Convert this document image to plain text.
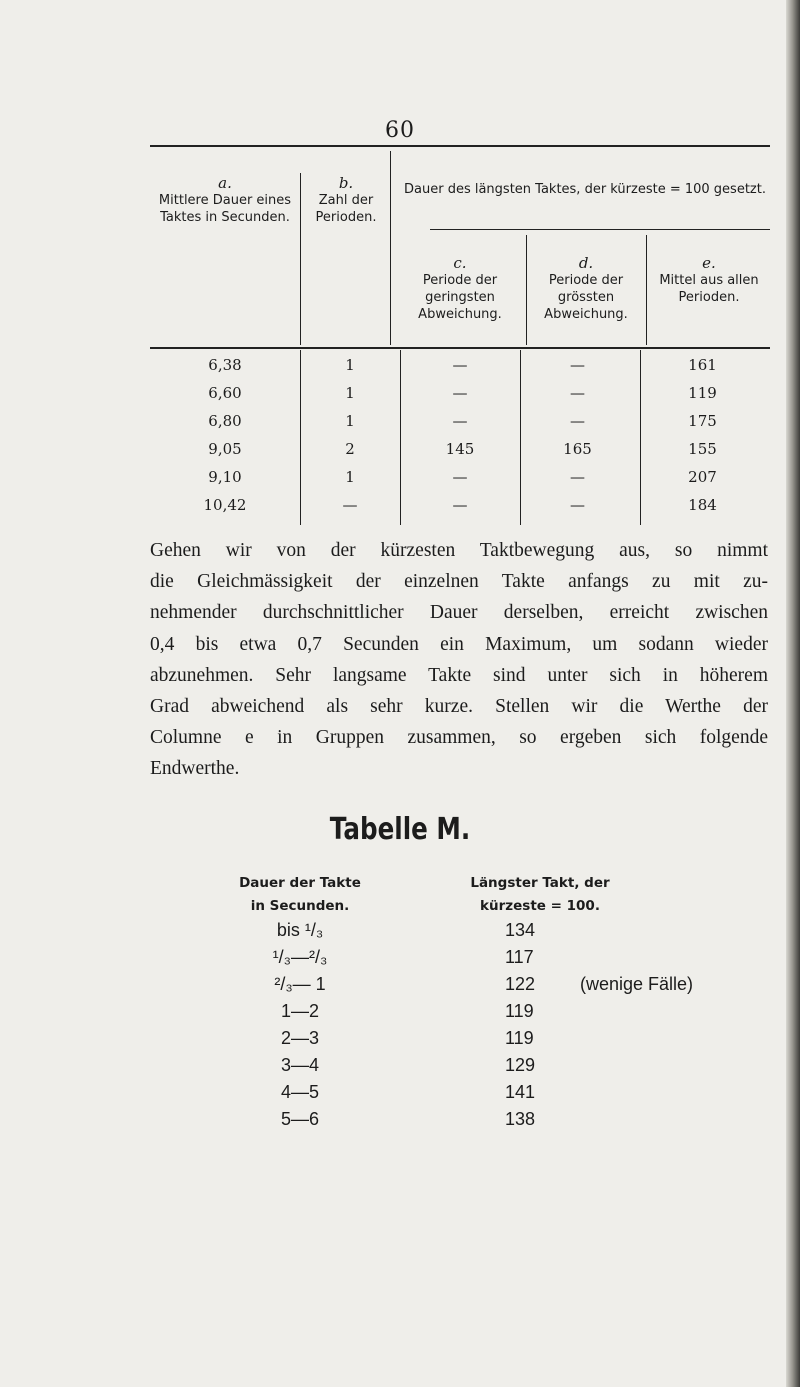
60
a.
Mittlere Dauer eines Taktes in Secunden.
b.
Zahl der Perioden.
Dauer des längsten Taktes, der kürzeste = 100 gesetzt.
c.
Periode der geringsten Abweichung.
d.
Periode der grössten Abweichung.
e.
Mittel aus allen Perioden.
6,38	1	—	—	161
6,60	1	—	—	119
6,80	1	—	—	175
9,05	2	145	165	155
9,10	1	—	—	207
10,42	—	—	—	184
Gehen wir von der kürzesten Taktbewegung aus, so nimmt
die Gleichmässigkeit der einzelnen Takte anfangs zu mit zu-
nehmender durchschnittlicher Dauer derselben, erreicht zwischen
0,4 bis etwa 0,7 Secunden ein Maximum, um sodann wieder
abzunehmen. Sehr langsame Takte sind unter sich in höherem
Grad abweichend als sehr kurze. Stellen wir die Werthe der
Columne e in Gruppen zusammen, so ergeben sich folgende
Endwerthe.
Tabelle M.
Dauer der Takte
in Secunden.
Längster Takt, der
kürzeste = 100.
bis ¹/₃	134
¹/₃—²/₃	117
²/₃— 1	122 (wenige Fälle)
1—2	119
2—3	119
3—4	129
4—5	141
5—6	138
